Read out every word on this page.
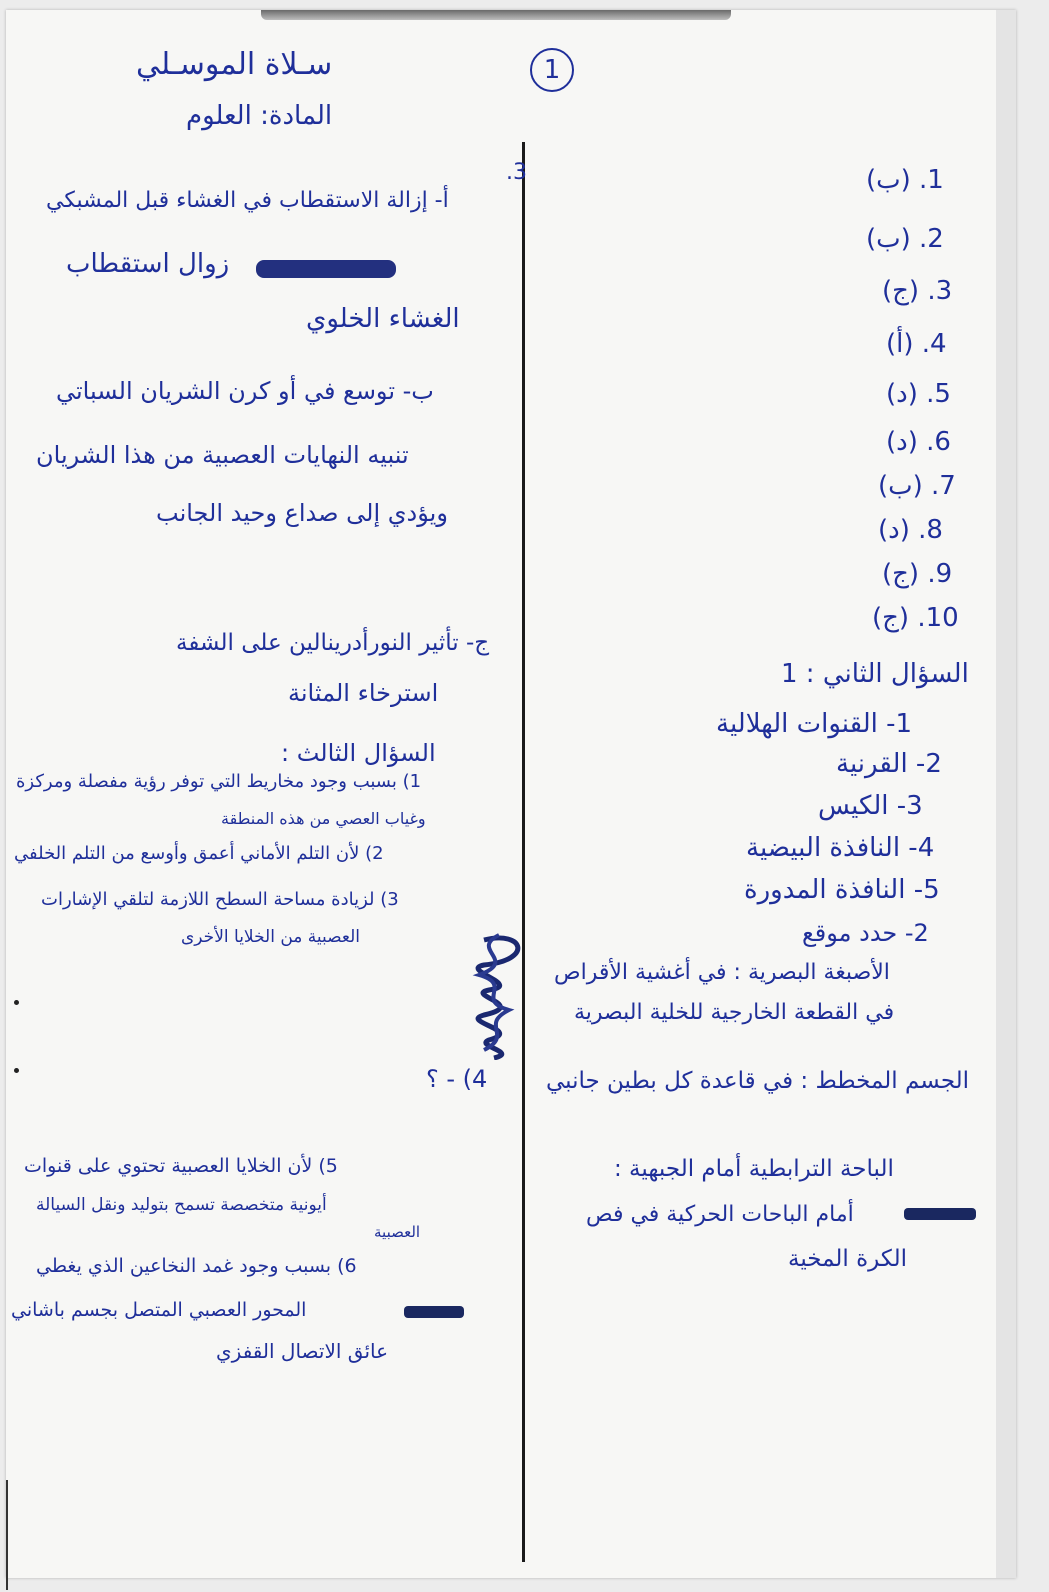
سـلاة الموسـلي	1
المادة: العلوم
1. (ب)
2. (ب)
3. (ج)
4. (أ)
5. (د)
6. (د)
7. (ب)
8. (د)
9. (ج)
10. (ج)
السؤال الثاني : 1
1- القنوات الهلالية
2- القرنية
3- الكيس
4- النافذة البيضية
5- النافذة المدورة
2- حدد موقع
الأصبغة البصرية : في أغشية الأقراص
في القطعة الخارجية للخلية البصرية
الجسم المخطط : في قاعدة كل بطين جانبي
الباحة الترابطية أمام الجبهية :
أمام الباحات الحركية في فص
الكرة المخية
3.
أ- إزالة الاستقطاب في الغشاء قبل المشبكي
زوال استقطاب
الغشاء الخلوي
ب- توسع في أو كرن الشريان السباتي
تنبيه النهايات العصبية من هذا الشريان
ويؤدي إلى صداع وحيد الجانب
ج- تأثير النورأدرينالين على الشفة
استرخاء المثانة
السؤال الثالث :
1) بسبب وجود مخاريط التي توفر رؤية مفصلة ومركزة
وغياب العصي من هذه المنطقة
2) لأن التلم الأماني أعمق وأوسع من التلم الخلفي
3) لزيادة مساحة السطح اللازمة لتلقي الإشارات
العصبية من الخلايا الأخرى
4) - ؟
5) لأن الخلايا العصبية تحتوي على قنوات
أيونية متخصصة تسمح بتوليد ونقل السيالة
العصبية
6) بسبب وجود غمد النخاعين الذي يغطي
المحور العصبي المتصل بجسم باشاني
عائق الاتصال القفزي
